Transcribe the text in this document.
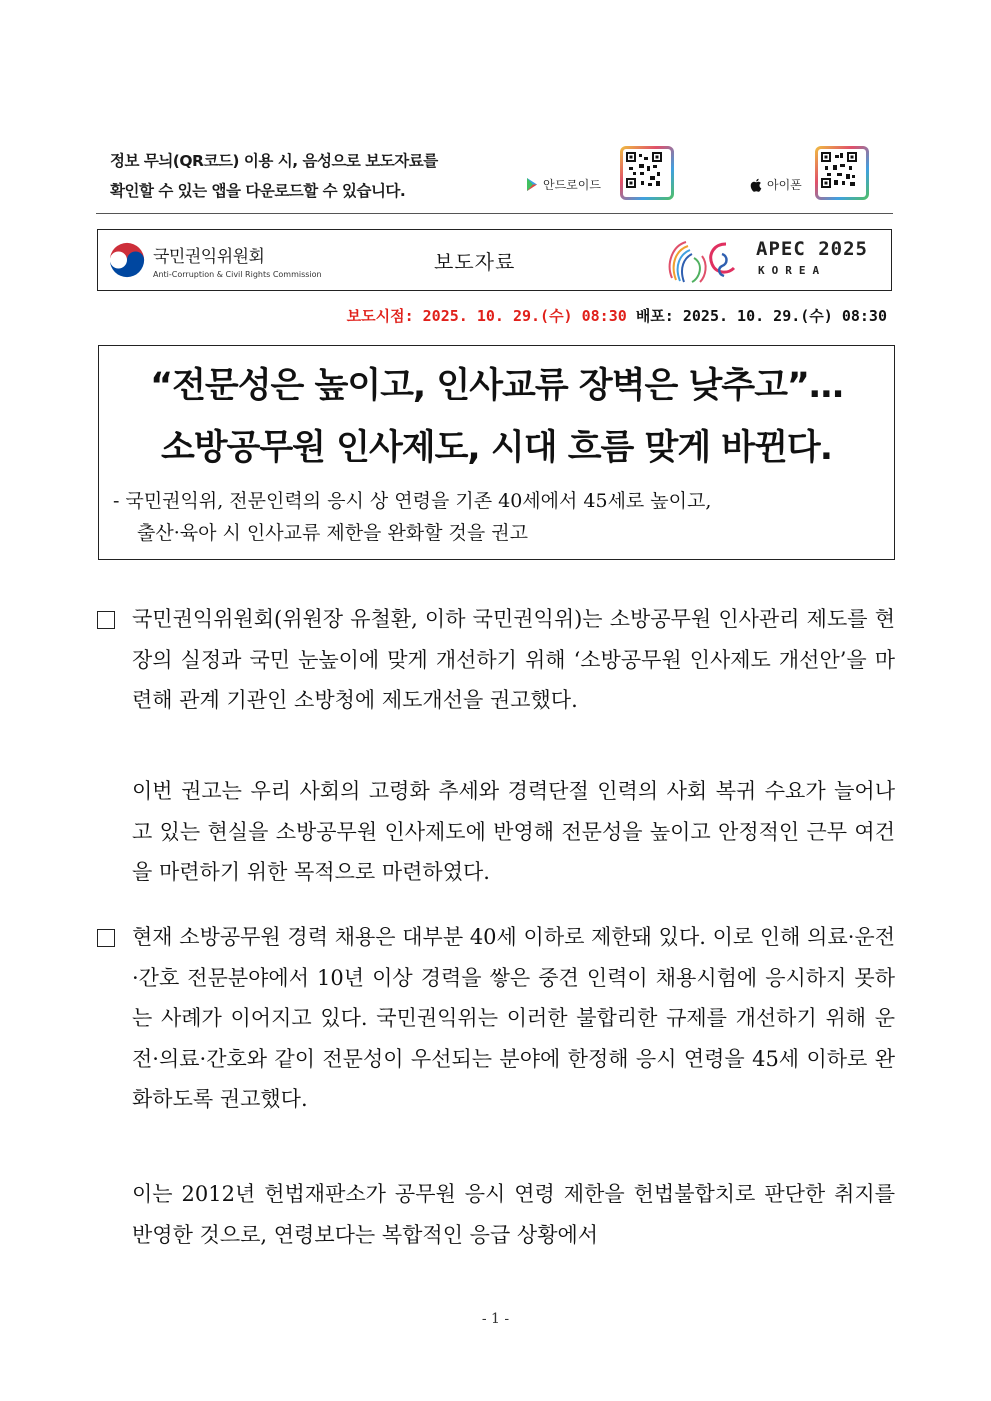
정보 무늬(QR코드) 이용 시, 음성으로 보도자료를
확인할 수 있는 앱을 다운로드할 수 있습니다.	안드로이드	아이폰
국민권익위원회
Anti-Corruption & Civil Rights Commission
보도자료
APEC 2025
KOREA
보도시점: 2025. 10. 29.(수) 08:30 배포: 2025. 10. 29.(수) 08:30
“전문성은 높이고, 인사교류 장벽은 낮추고”…
소방공무원 인사제도, 시대 흐름 맞게 바뀐다.
- 국민권익위, 전문인력의 응시 상 연령을 기존 40세에서 45세로 높이고,
출산·육아 시 인사교류 제한을 완화할 것을 권고
국민권익위원회(위원장 유철환, 이하 국민권익위)는 소방공무원 인사관리 제도를 현장의 실정과 국민 눈높이에 맞게 개선하기 위해 ‘소방공무원 인사제도 개선안’을 마련해 관계 기관인 소방청에 제도개선을 권고했다.
이번 권고는 우리 사회의 고령화 추세와 경력단절 인력의 사회 복귀 수요가 늘어나고 있는 현실을 소방공무원 인사제도에 반영해 전문성을 높이고 안정적인 근무 여건을 마련하기 위한 목적으로 마련하였다.
현재 소방공무원 경력 채용은 대부분 40세 이하로 제한돼 있다. 이로 인해 의료·운전·간호 전문분야에서 10년 이상 경력을 쌓은 중견 인력이 채용시험에 응시하지 못하는 사례가 이어지고 있다. 국민권익위는 이러한 불합리한 규제를 개선하기 위해 운전·의료·간호와 같이 전문성이 우선되는 분야에 한정해 응시 연령을 45세 이하로 완화하도록 권고했다.
이는 2012년 헌법재판소가 공무원 응시 연령 제한을 헌법불합치로 판단한 취지를 반영한 것으로, 연령보다는 복합적인 응급 상황에서
- 1 -
